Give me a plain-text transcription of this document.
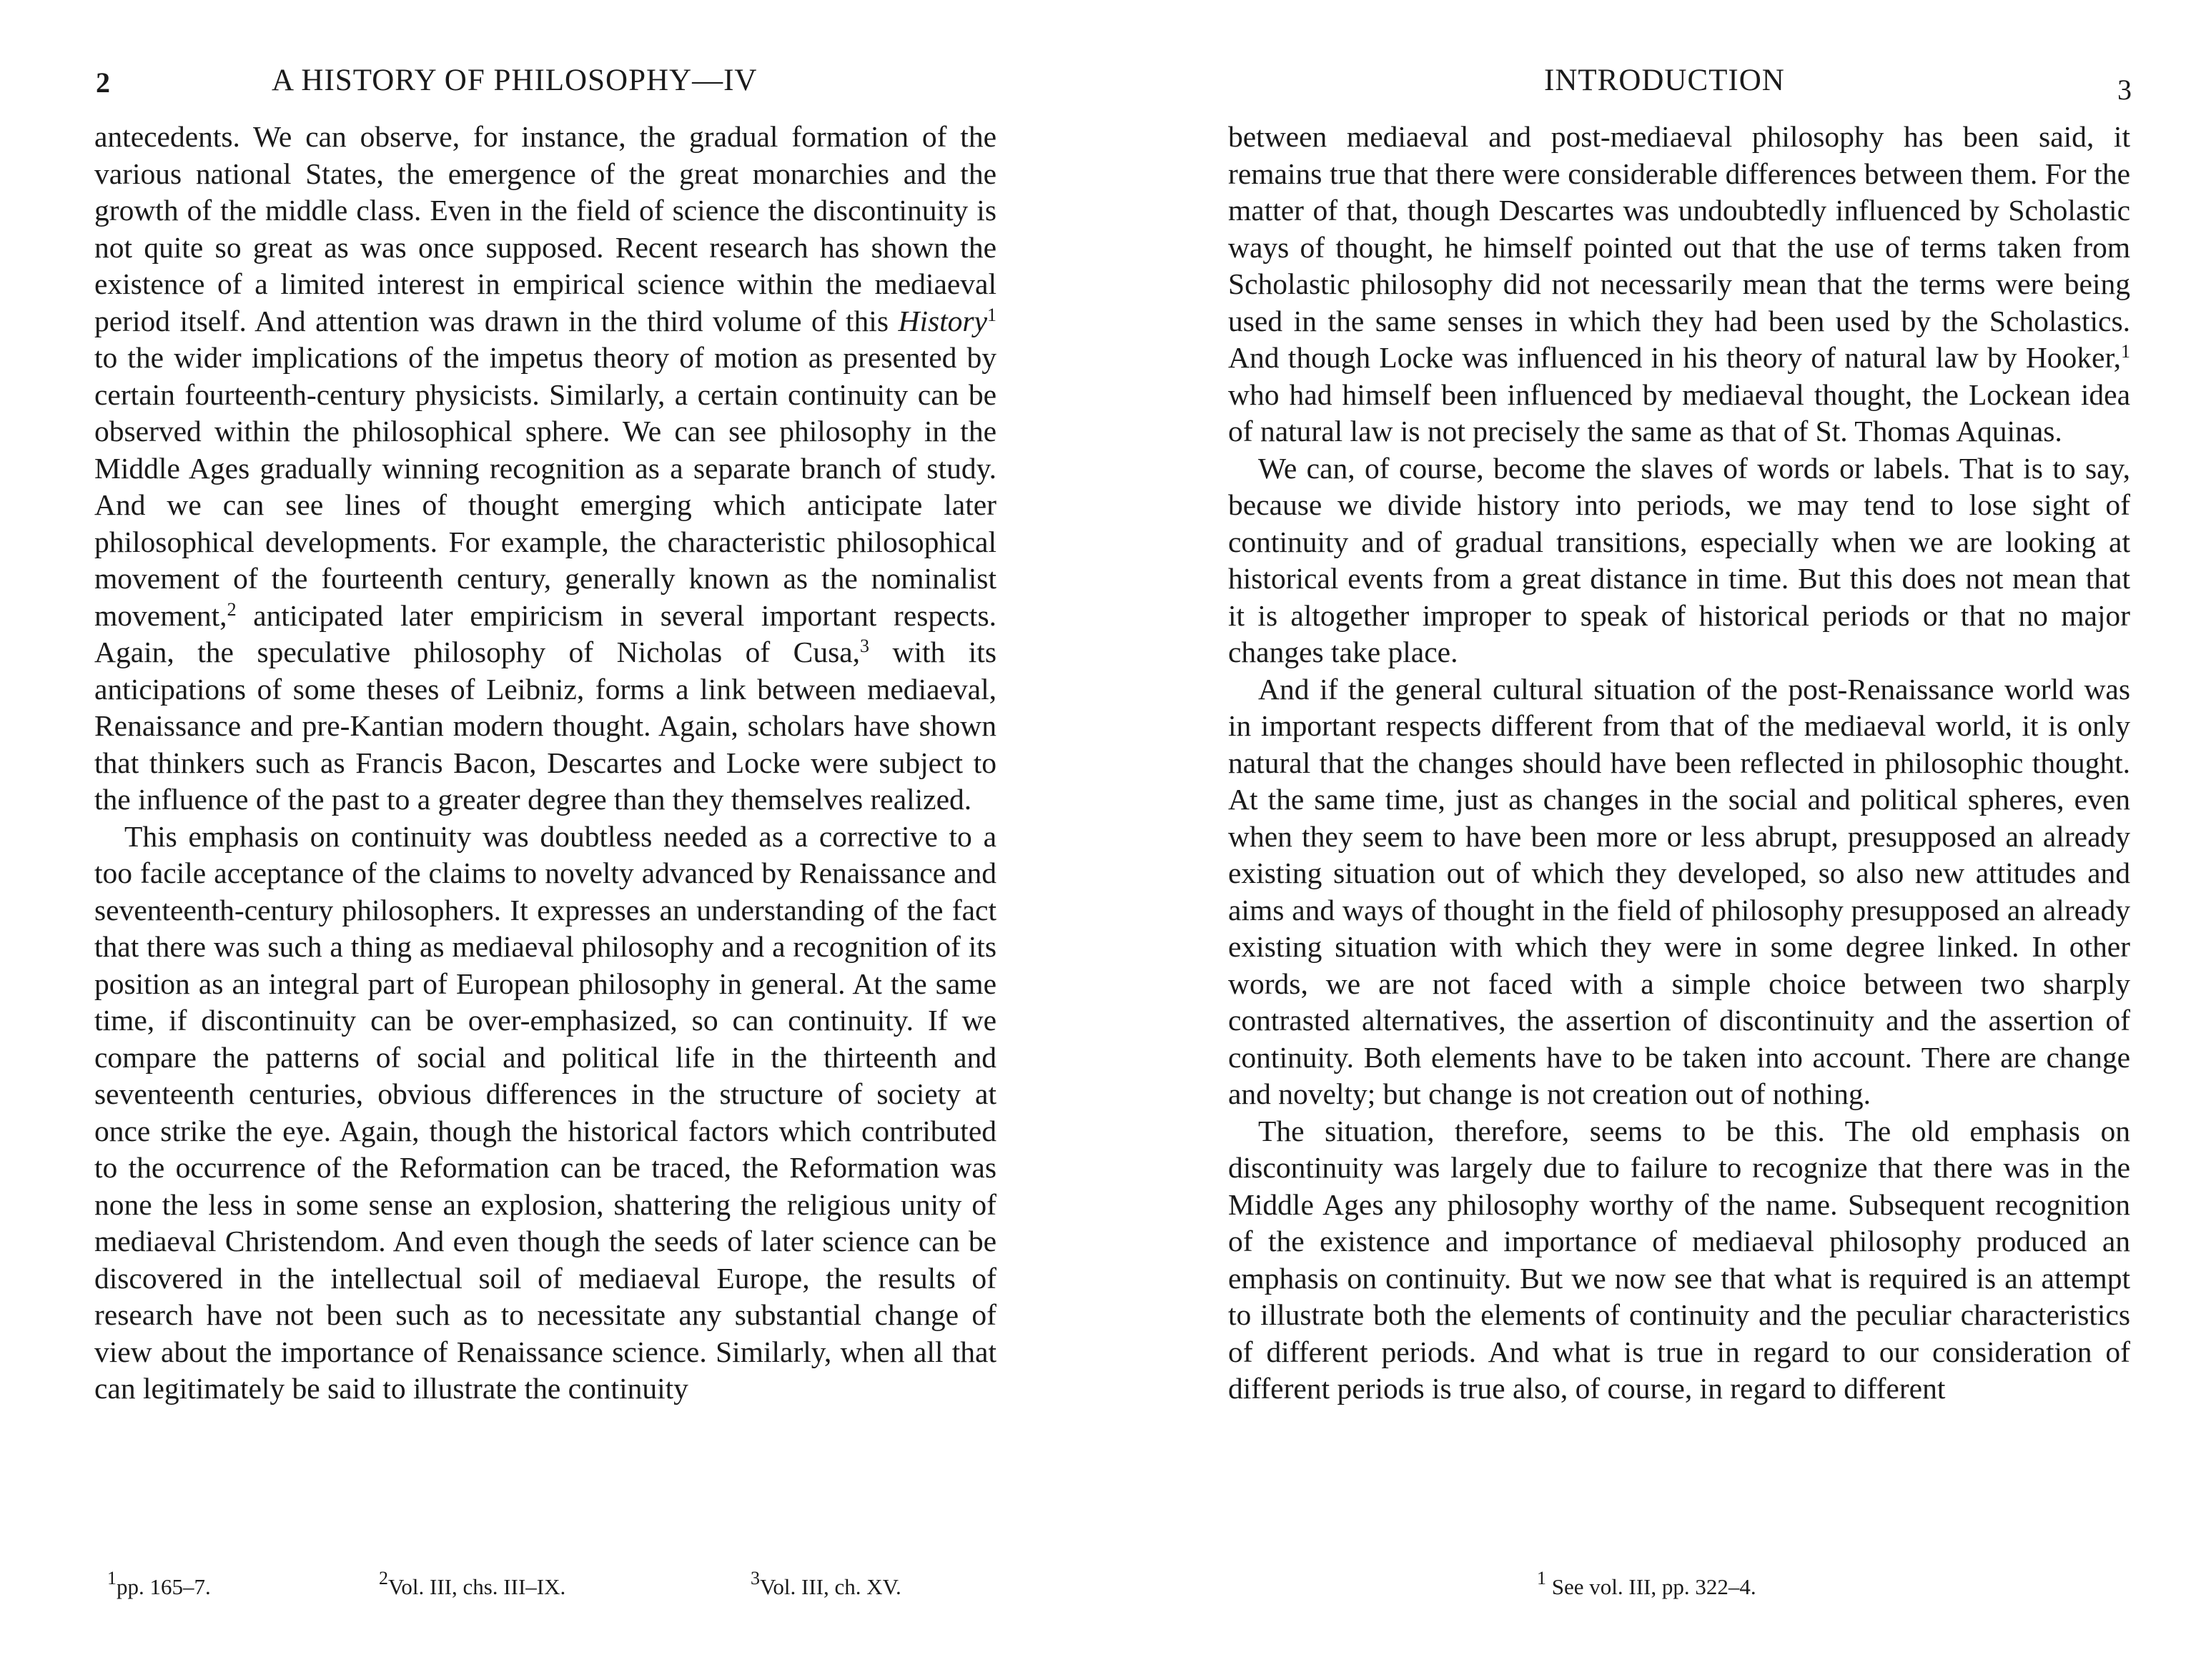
2	A HISTORY OF PHILOSOPHY—IV

antecedents. We can observe, for instance, the gradual formation of the various national States, the emergence of the great monarchies and the growth of the middle class. Even in the field of science the discontinuity is not quite so great as was once supposed. Recent research has shown the existence of a limited interest in empirical science within the mediaeval period itself. And attention was drawn in the third volume of this History$^1$ to the wider implications of the impetus theory of motion as presented by certain fourteenth-century physicists. Similarly, a certain continuity can be observed within the philosophical sphere. We can see philosophy in the Middle Ages gradually winning recognition as a separate branch of study. And we can see lines of thought emerging which anticipate later philosophical developments. For example, the characteristic philosophical movement of the fourteenth century, generally known as the nominalist movement,$^2$ anticipated later empiricism in several important respects. Again, the speculative philosophy of Nicholas of Cusa,$^3$ with its anticipations of some theses of Leibniz, forms a link between mediaeval, Renaissance and pre-Kantian modern thought. Again, scholars have shown that thinkers such as Francis Bacon, Descartes and Locke were subject to the influence of the past to a greater degree than they themselves realized.

This emphasis on continuity was doubtless needed as a corrective to a too facile acceptance of the claims to novelty advanced by Renaissance and seventeenth-century philosophers. It expresses an understanding of the fact that there was such a thing as mediaeval philosophy and a recognition of its position as an integral part of European philosophy in general. At the same time, if discontinuity can be over-emphasized, so can continuity. If we compare the patterns of social and political life in the thirteenth and seventeenth centuries, obvious differences in the structure of society at once strike the eye. Again, though the historical factors which contributed to the occurrence of the Reformation can be traced, the Reformation was none the less in some sense an explosion, shattering the religious unity of mediaeval Christendom. And even though the seeds of later science can be discovered in the intellectual soil of mediaeval Europe, the results of research have not been such as to necessitate any substantial change of view about the importance of Renaissance science. Similarly, when all that can legitimately be said to illustrate the continuity

$^1$ pp. 165–7.	$^2$ Vol. III, chs. III–IX.	$^3$ Vol. III, ch. XV.
INTRODUCTION	3

between mediaeval and post-mediaeval philosophy has been said, it remains true that there were considerable differences between them. For the matter of that, though Descartes was undoubtedly influenced by Scholastic ways of thought, he himself pointed out that the use of terms taken from Scholastic philosophy did not necessarily mean that the terms were being used in the same senses in which they had been used by the Scholastics. And though Locke was influenced in his theory of natural law by Hooker,$^1$ who had himself been influenced by mediaeval thought, the Lockean idea of natural law is not precisely the same as that of St. Thomas Aquinas.

We can, of course, become the slaves of words or labels. That is to say, because we divide history into periods, we may tend to lose sight of continuity and of gradual transitions, especially when we are looking at historical events from a great distance in time. But this does not mean that it is altogether improper to speak of historical periods or that no major changes take place.

And if the general cultural situation of the post-Renaissance world was in important respects different from that of the mediaeval world, it is only natural that the changes should have been reflected in philosophic thought. At the same time, just as changes in the social and political spheres, even when they seem to have been more or less abrupt, presupposed an already existing situation out of which they developed, so also new attitudes and aims and ways of thought in the field of philosophy presupposed an already existing situation with which they were in some degree linked. In other words, we are not faced with a simple choice between two sharply contrasted alternatives, the assertion of discontinuity and the assertion of continuity. Both elements have to be taken into account. There are change and novelty; but change is not creation out of nothing.

The situation, therefore, seems to be this. The old emphasis on discontinuity was largely due to failure to recognize that there was in the Middle Ages any philosophy worthy of the name. Subsequent recognition of the existence and importance of mediaeval philosophy produced an emphasis on continuity. But we now see that what is required is an attempt to illustrate both the elements of continuity and the peculiar characteristics of different periods. And what is true in regard to our consideration of different periods is true also, of course, in regard to different

$^1$ See vol. III, pp. 322–4.
